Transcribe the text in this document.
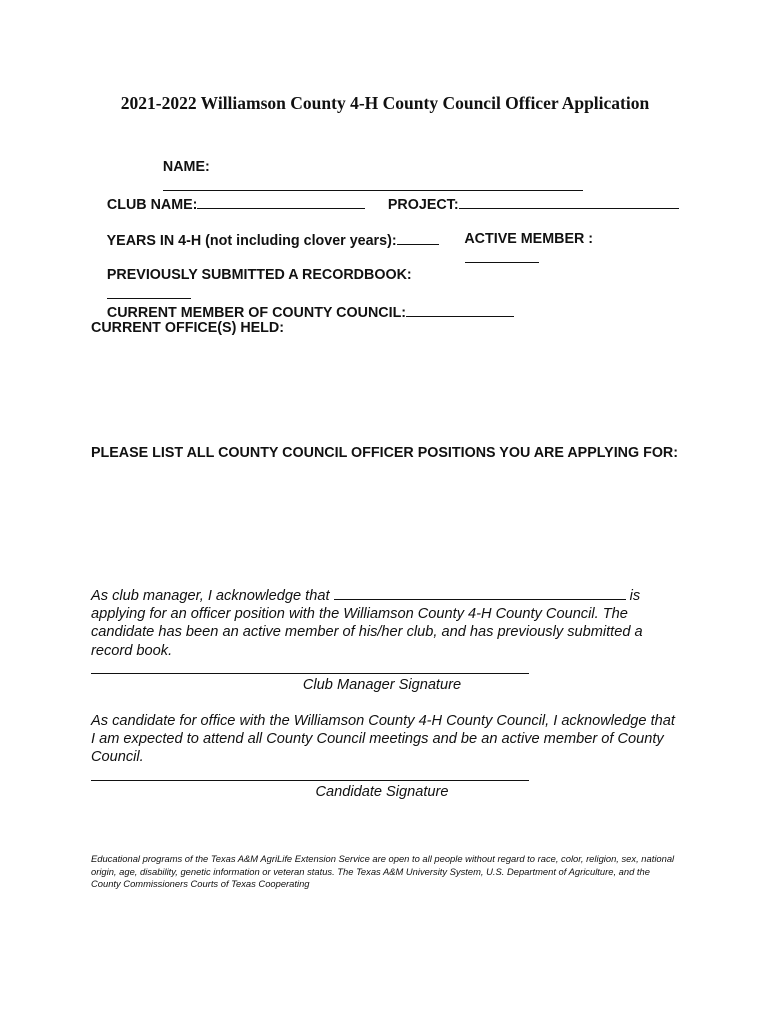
2021-2022 Williamson County 4-H County Council Officer Application

NAME:

CLUB NAME:
	PROJECT:

YEARS IN 4-H (not including clover years):
	ACTIVE MEMBER :

PREVIOUSLY SUBMITTED A RECORDBOOK:

CURRENT MEMBER OF COUNTY COUNCIL:

CURRENT OFFICE(S) HELD:
PLEASE LIST ALL COUNTY COUNCIL OFFICER POSITIONS YOU ARE APPLYING FOR:
As club manager, I acknowledge that	is applying for an officer position with the Williamson County 4-H County Council. The candidate has been an active member of his/her club, and has previously submitted a record book.
Club Manager Signature
As candidate for office with the Williamson County 4-H County Council, I acknowledge that I am expected to attend all County Council meetings and be an active member of County Council.
Candidate Signature
Educational programs of the Texas A&M AgriLife Extension Service are open to all people without regard to race, color, religion, sex, national origin, age, disability, genetic information or veteran status. The Texas A&M University System, U.S. Department of Agriculture, and the County Commissioners Courts of Texas Cooperating
